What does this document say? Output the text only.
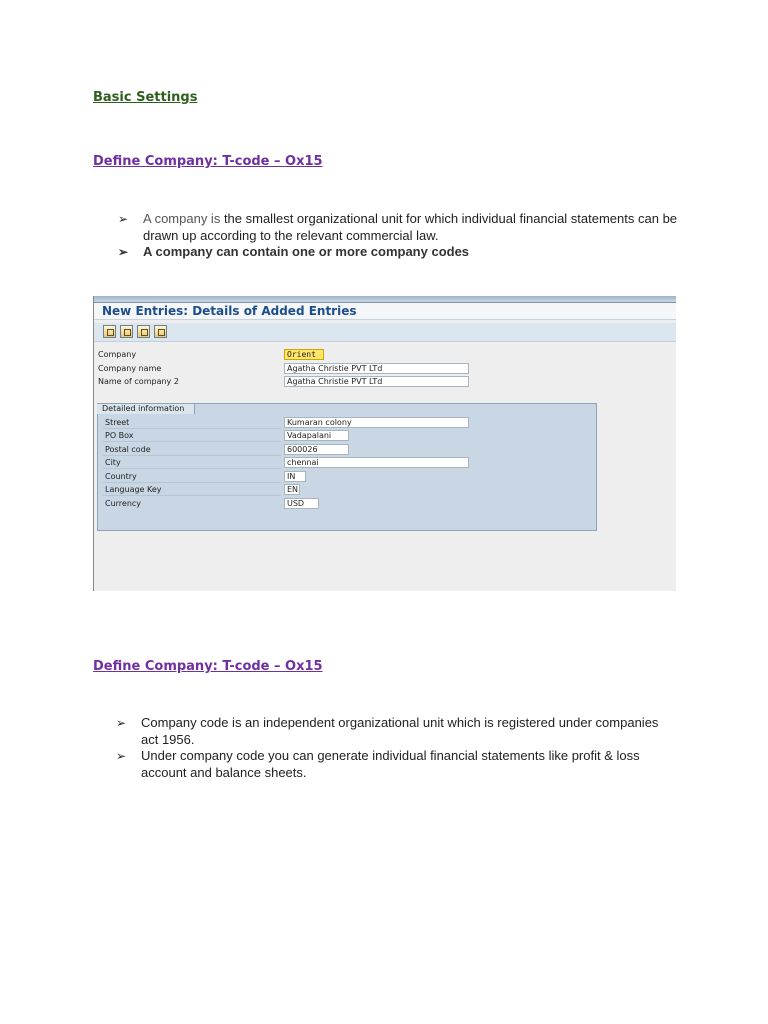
Basic Settings
Define Company: T-code – Ox15
➢ A company is the smallest organizational unit for which individual financial statements can be drawn up according to the relevant commercial law.
➢ A company can contain one or more company codes
New Entries: Details of Added Entries
Company	Orient
Company name	Agatha Christie PVT LTd
Name of company 2	Agatha Christie PVT LTd
Detailed information
Street	Kumaran colony
PO Box	Vadapalani
Postal code	600026
City	chennai
Country	IN
Language Key	EN
Currency	USD
Define Company: T-code – Ox15
➢ Company code is an independent organizational unit which is registered under companies act 1956.
➢ Under company code you can generate individual financial statements like profit & loss account and balance sheets.
